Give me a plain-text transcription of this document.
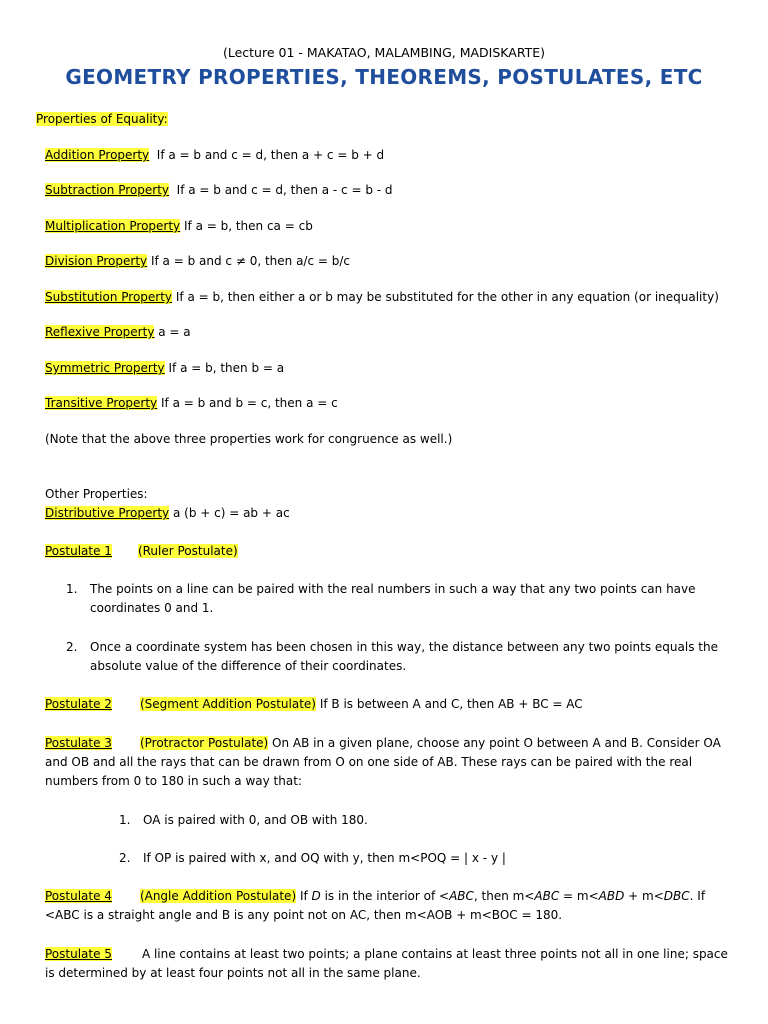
(Lecture 01 - MAKATAO, MALAMBING, MADISKARTE)
GEOMETRY PROPERTIES, THEOREMS, POSTULATES, ETC
Properties of Equality:
Addition Property If a = b and c = d, then a + c = b + d
Subtraction Property If a = b and c = d, then a - c = b - d
Multiplication Property If a = b, then ca = cb
Division Property If a = b and c ≠ 0, then a/c = b/c
Substitution Property If a = b, then either a or b may be substituted for the other in any equation (or inequality)
Reflexive Property a = a
Symmetric Property If a = b, then b = a
Transitive Property If a = b and b = c, then a = c
(Note that the above three properties work for congruence as well.)
Other Properties:
Distributive Property a (b + c) = ab + ac
Postulate 1 (Ruler Postulate)
1. The points on a line can be paired with the real numbers in such a way that any two points can have
coordinates 0 and 1.
2. Once a coordinate system has been chosen in this way, the distance between any two points equals the
absolute value of the difference of their coordinates.
Postulate 2 (Segment Addition Postulate) If B is between A and C, then AB + BC = AC
Postulate 3 (Protractor Postulate) On AB in a given plane, choose any point O between A and B. Consider OA
and OB and all the rays that can be drawn from O on one side of AB. These rays can be paired with the real
numbers from 0 to 180 in such a way that:
1. OA is paired with 0, and OB with 180.
2. If OP is paired with x, and OQ with y, then m<POQ = | x - y |
Postulate 4 (Angle Addition Postulate) If D is in the interior of <ABC, then m<ABC = m<ABD + m<DBC. If
<ABC is a straight angle and B is any point not on AC, then m<AOB + m<BOC = 180.
Postulate 5	A line contains at least two points; a plane contains at least three points not all in one line; space
is determined by at least four points not all in the same plane.
